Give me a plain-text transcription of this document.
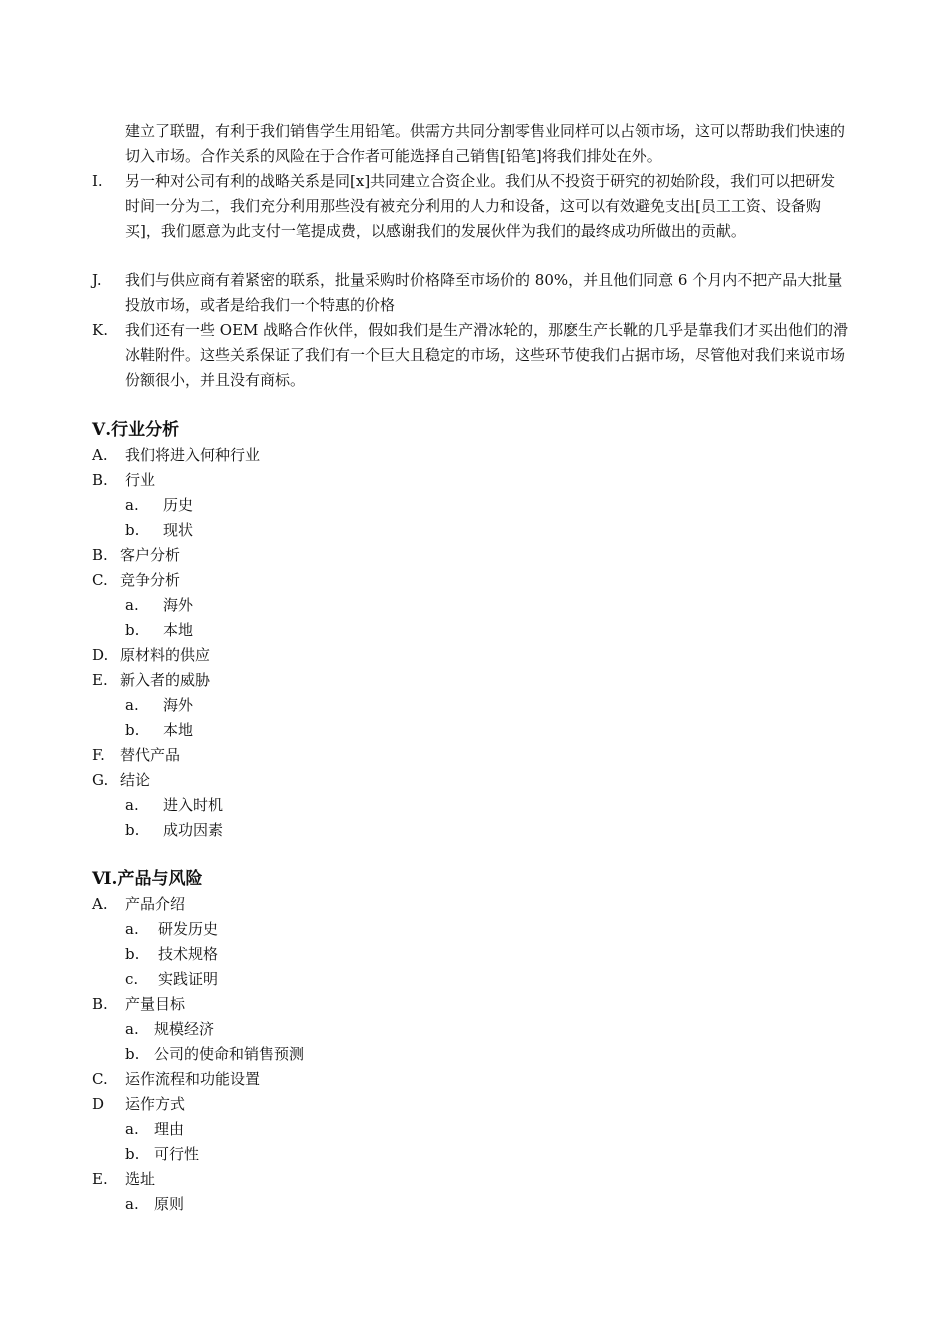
建立了联盟，有利于我们销售学生用铅笔。供需方共同分割零售业同样可以占领市场，这可以帮助我们快速的切入市场。合作关系的风险在于合作者可能选择自己销售[铅笔]将我们排处在外。
I.	另一种对公司有利的战略关系是同[x]共同建立合资企业。我们从不投资于研究的初始阶段，我们可以把研发时间一分为二，我们充分利用那些没有被充分利用的人力和设备，这可以有效避免支出[员工工资、设备购买]，我们愿意为此支付一笔提成费，以感谢我们的发展伙伴为我们的最终成功所做出的贡献。
J.	我们与供应商有着紧密的联系，批量采购时价格降至市场价的 80%，并且他们同意 6 个月内不把产品大批量投放市场，或者是给我们一个特惠的价格
K.	我们还有一些 OEM 战略合作伙伴，假如我们是生产滑冰轮的，那麽生产长靴的几乎是靠我们才买出他们的滑冰鞋附件。这些关系保证了我们有一个巨大且稳定的市场，这些环节使我们占据市场，尽管他对我们来说市场份额很小，并且没有商标。
Ⅴ.行业分析
A. 我们将进入何种行业
B. 行业
a. 历史
b. 现状
B. 客户分析
C. 竞争分析
a. 海外
b. 本地
D. 原材料的供应
E. 新入者的威胁
a. 海外
b. 本地
F. 替代产品
G. 结论
a. 进入时机
b. 成功因素
Ⅵ.产品与风险
A. 产品介绍
a. 研发历史
b. 技术规格
c. 实践证明
B. 产量目标
a. 规模经济
b. 公司的使命和销售预测
C. 运作流程和功能设置
D 运作方式
a. 理由
b. 可行性
E. 选址
a. 原则
